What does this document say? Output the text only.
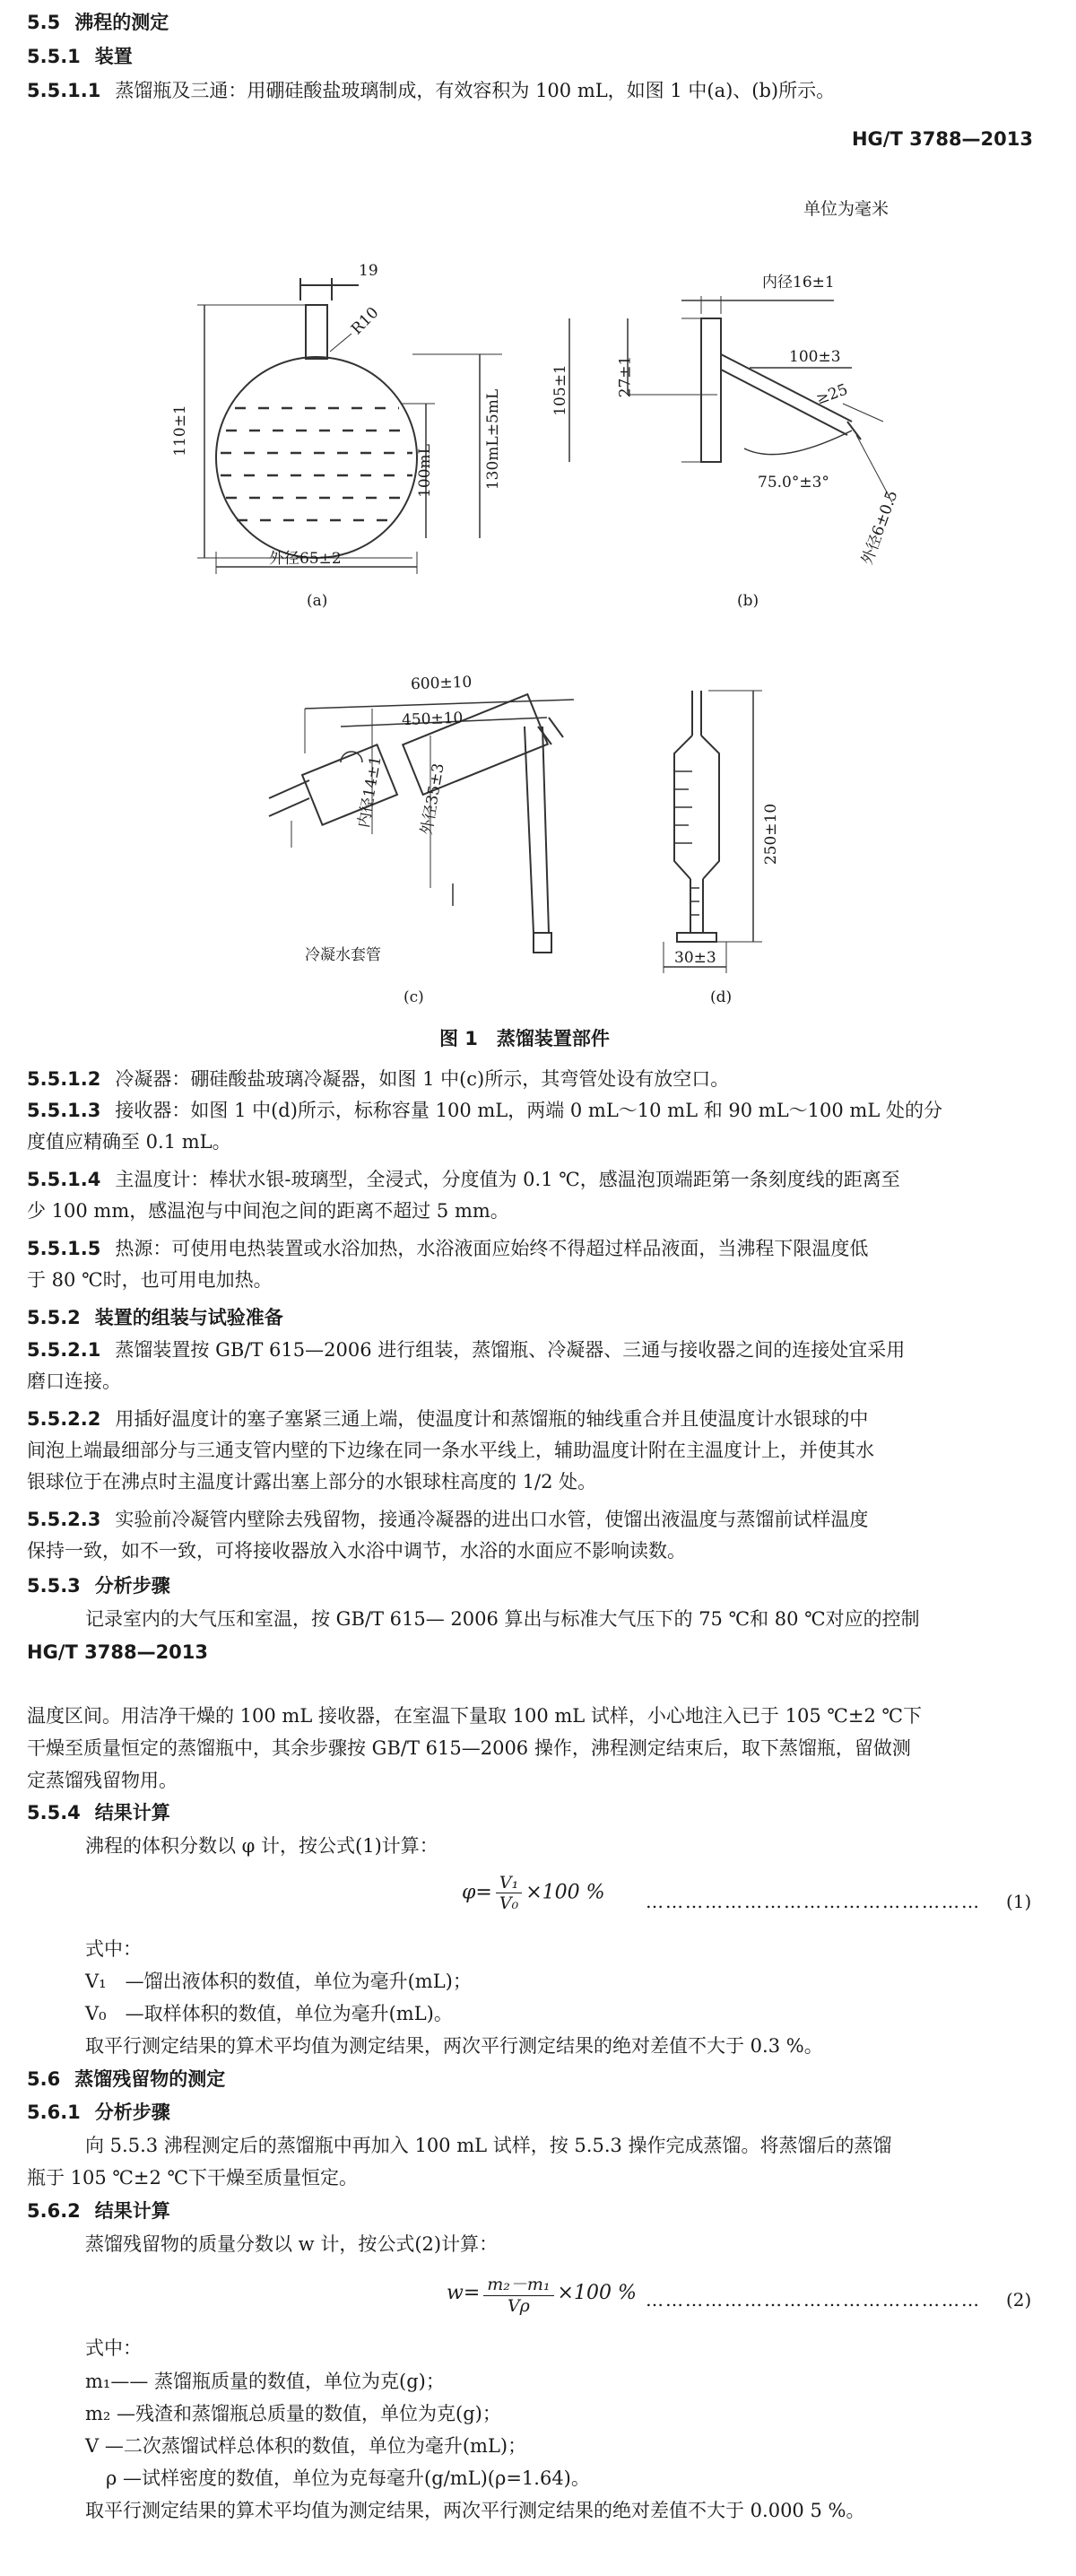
5.5 沸程的测定
5.5.1 装置
5.5.1.1 蒸馏瓶及三通：用硼硅酸盐玻璃制成，有效容积为 100 mL，如图 1 中(a)、(b)所示。
HG/T 3788—2013
单位为毫米
19
R10
110±1	130mL±5mL
100mL
外径65±2
(a)
内径16±1
105±1	27±1	100±3
≥25
75.0°±3°
外径6±0.5
(b)
600±10
450±10
内径14±1 外径35±3
冷凝水套管
(c)
250±10
30±3
(d)
图 1　蒸馏装置部件
5.5.1.2 冷凝器：硼硅酸盐玻璃冷凝器，如图 1 中(c)所示，其弯管处设有放空口。
5.5.1.3 接收器：如图 1 中(d)所示，标称容量 100 mL，两端 0 mL～10 mL 和 90 mL～100 mL 处的分
度值应精确至 0.1 mL。
5.5.1.4 主温度计：棒状水银-玻璃型，全浸式，分度值为 0.1 ℃，感温泡顶端距第一条刻度线的距离至
少 100 mm，感温泡与中间泡之间的距离不超过 5 mm。
5.5.1.5 热源：可使用电热装置或水浴加热，水浴液面应始终不得超过样品液面，当沸程下限温度低
于 80 ℃时，也可用电加热。
5.5.2 装置的组装与试验准备
5.5.2.1 蒸馏装置按 GB/T 615—2006 进行组装，蒸馏瓶、冷凝器、三通与接收器之间的连接处宜采用
磨口连接。
5.5.2.2 用插好温度计的塞子塞紧三通上端，使温度计和蒸馏瓶的轴线重合并且使温度计水银球的中
间泡上端最细部分与三通支管内壁的下边缘在同一条水平线上，辅助温度计附在主温度计上，并使其水
银球位于在沸点时主温度计露出塞上部分的水银球柱高度的 1/2 处。
5.5.2.3 实验前冷凝管内壁除去残留物，接通冷凝器的进出口水管，使馏出液温度与蒸馏前试样温度
保持一致，如不一致，可将接收器放入水浴中调节，水浴的水面应不影响读数。
5.5.3 分析步骤
记录室内的大气压和室温，按 GB/T 615— 2006 算出与标准大气压下的 75 ℃和 80 ℃对应的控制
HG/T 3788—2013
温度区间。用洁净干燥的 100 mL 接收器，在室温下量取 100 mL 试样，小心地注入已于 105 ℃±2 ℃下
干燥至质量恒定的蒸馏瓶中，其余步骤按 GB/T 615—2006 操作，沸程测定结束后，取下蒸馏瓶，留做测
定蒸馏残留物用。
5.5.4 结果计算
沸程的体积分数以 φ 计，按公式(1)计算：
$\varphi= \frac{\text{V₁}}{\text{V₀}} \times 100$ % …………………………………………… (1)
式中：
V₁　—馏出液体积的数值，单位为毫升(mL)；
V₀　—取样体积的数值，单位为毫升(mL)。
取平行测定结果的算术平均值为测定结果，两次平行测定结果的绝对差值不大于 0.3 %。
5.6 蒸馏残留物的测定
5.6.1 分析步骤
向 5.5.3 沸程测定后的蒸馏瓶中再加入 100 mL 试样，按 5.5.3 操作完成蒸馏。将蒸馏后的蒸馏
瓶于 105 ℃±2 ℃下干燥至质量恒定。
5.6.2 结果计算
蒸馏残留物的质量分数以 w 计，按公式(2)计算：
$w= \frac{\text{m₂－m₁}}{V\rho} \times 100$ % …………………………………………… (2)
式中：
m₁—— 蒸馏瓶质量的数值，单位为克(g)；
m₂ —残渣和蒸馏瓶总质量的数值，单位为克(g)；
V —二次蒸馏试样总体积的数值，单位为毫升(mL)；
ρ —试样密度的数值，单位为克每毫升(g/mL)(ρ=1.64)。
取平行测定结果的算术平均值为测定结果，两次平行测定结果的绝对差值不大于 0.000 5 %。
